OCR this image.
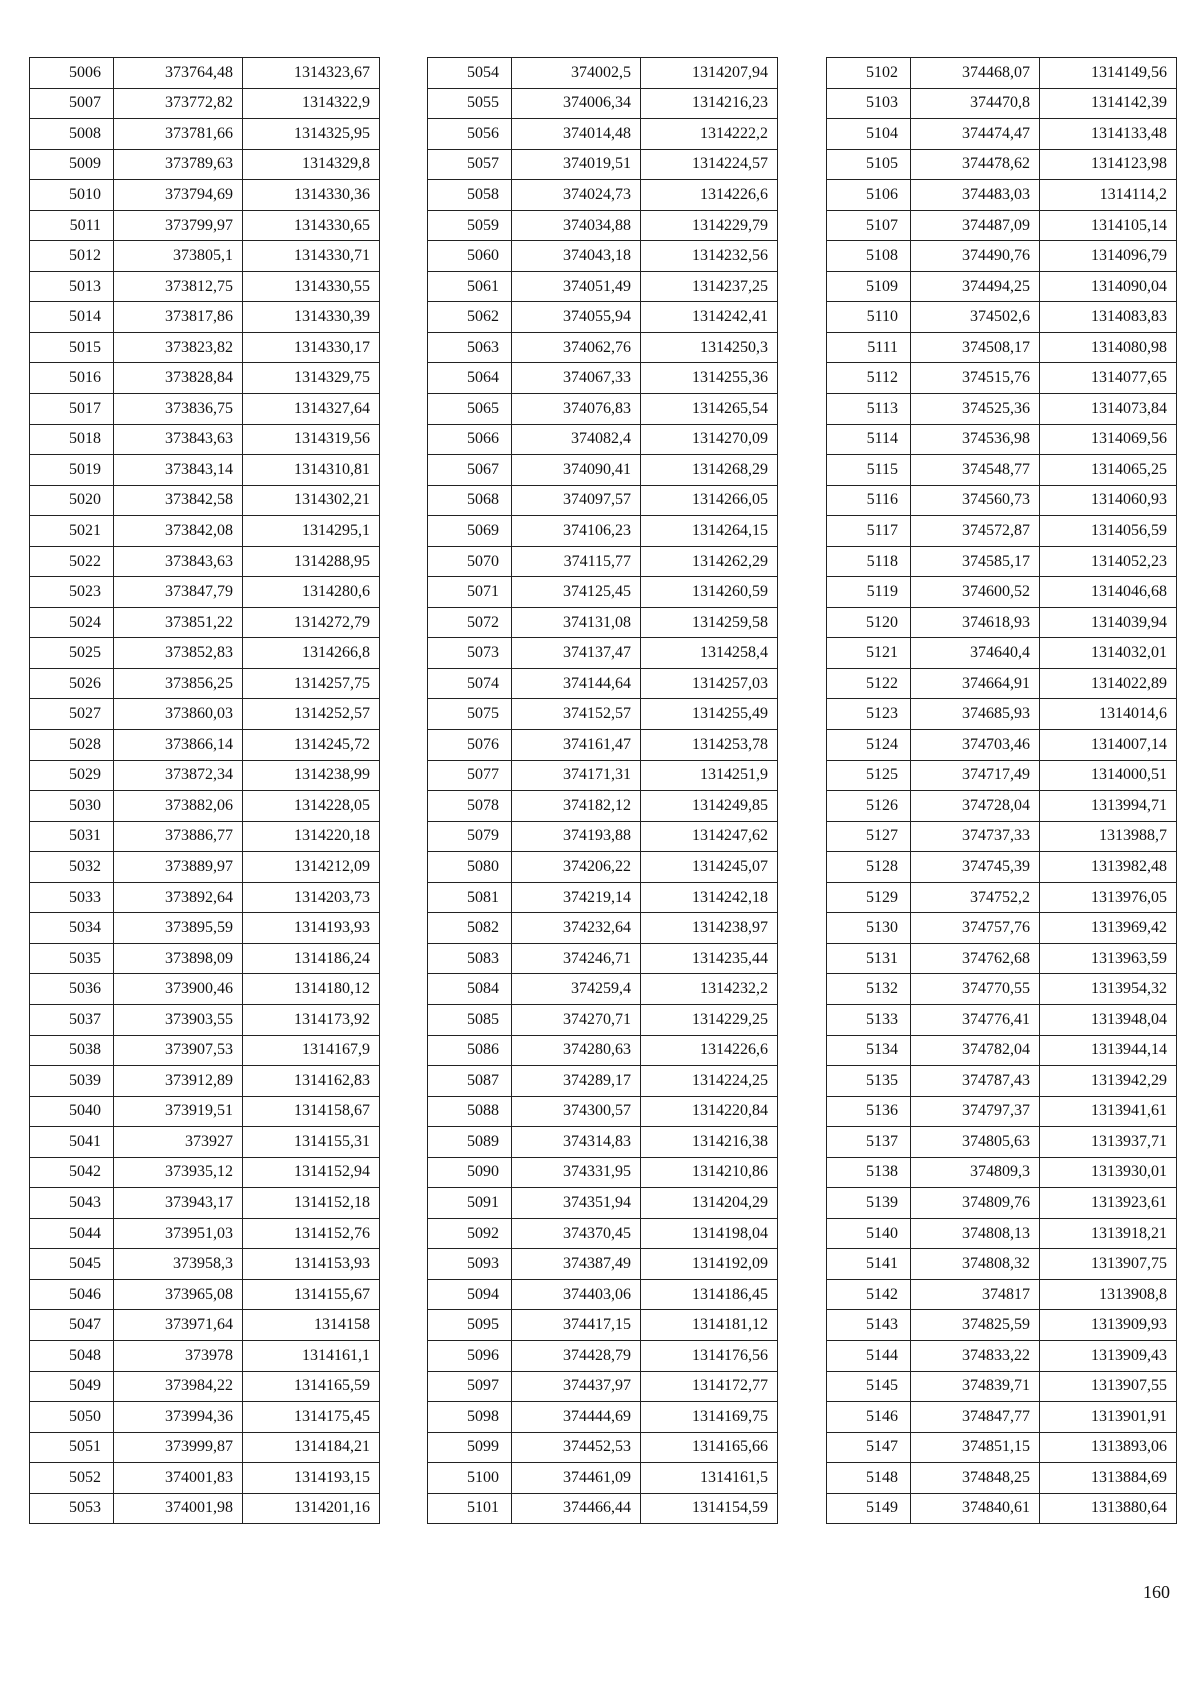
5006	373764,48	1314323,67
5007	373772,82	1314322,9
5008	373781,66	1314325,95
5009	373789,63	1314329,8
5010	373794,69	1314330,36
5011	373799,97	1314330,65
5012	373805,1	1314330,71
5013	373812,75	1314330,55
5014	373817,86	1314330,39
5015	373823,82	1314330,17
5016	373828,84	1314329,75
5017	373836,75	1314327,64
5018	373843,63	1314319,56
5019	373843,14	1314310,81
5020	373842,58	1314302,21
5021	373842,08	1314295,1
5022	373843,63	1314288,95
5023	373847,79	1314280,6
5024	373851,22	1314272,79
5025	373852,83	1314266,8
5026	373856,25	1314257,75
5027	373860,03	1314252,57
5028	373866,14	1314245,72
5029	373872,34	1314238,99
5030	373882,06	1314228,05
5031	373886,77	1314220,18
5032	373889,97	1314212,09
5033	373892,64	1314203,73
5034	373895,59	1314193,93
5035	373898,09	1314186,24
5036	373900,46	1314180,12
5037	373903,55	1314173,92
5038	373907,53	1314167,9
5039	373912,89	1314162,83
5040	373919,51	1314158,67
5041	373927	1314155,31
5042	373935,12	1314152,94
5043	373943,17	1314152,18
5044	373951,03	1314152,76
5045	373958,3	1314153,93
5046	373965,08	1314155,67
5047	373971,64	1314158
5048	373978	1314161,1
5049	373984,22	1314165,59
5050	373994,36	1314175,45
5051	373999,87	1314184,21
5052	374001,83	1314193,15
5053	374001,98	1314201,16
5054	374002,5	1314207,94
5055	374006,34	1314216,23
5056	374014,48	1314222,2
5057	374019,51	1314224,57
5058	374024,73	1314226,6
5059	374034,88	1314229,79
5060	374043,18	1314232,56
5061	374051,49	1314237,25
5062	374055,94	1314242,41
5063	374062,76	1314250,3
5064	374067,33	1314255,36
5065	374076,83	1314265,54
5066	374082,4	1314270,09
5067	374090,41	1314268,29
5068	374097,57	1314266,05
5069	374106,23	1314264,15
5070	374115,77	1314262,29
5071	374125,45	1314260,59
5072	374131,08	1314259,58
5073	374137,47	1314258,4
5074	374144,64	1314257,03
5075	374152,57	1314255,49
5076	374161,47	1314253,78
5077	374171,31	1314251,9
5078	374182,12	1314249,85
5079	374193,88	1314247,62
5080	374206,22	1314245,07
5081	374219,14	1314242,18
5082	374232,64	1314238,97
5083	374246,71	1314235,44
5084	374259,4	1314232,2
5085	374270,71	1314229,25
5086	374280,63	1314226,6
5087	374289,17	1314224,25
5088	374300,57	1314220,84
5089	374314,83	1314216,38
5090	374331,95	1314210,86
5091	374351,94	1314204,29
5092	374370,45	1314198,04
5093	374387,49	1314192,09
5094	374403,06	1314186,45
5095	374417,15	1314181,12
5096	374428,79	1314176,56
5097	374437,97	1314172,77
5098	374444,69	1314169,75
5099	374452,53	1314165,66
5100	374461,09	1314161,5
5101	374466,44	1314154,59
5102	374468,07	1314149,56
5103	374470,8	1314142,39
5104	374474,47	1314133,48
5105	374478,62	1314123,98
5106	374483,03	1314114,2
5107	374487,09	1314105,14
5108	374490,76	1314096,79
5109	374494,25	1314090,04
5110	374502,6	1314083,83
5111	374508,17	1314080,98
5112	374515,76	1314077,65
5113	374525,36	1314073,84
5114	374536,98	1314069,56
5115	374548,77	1314065,25
5116	374560,73	1314060,93
5117	374572,87	1314056,59
5118	374585,17	1314052,23
5119	374600,52	1314046,68
5120	374618,93	1314039,94
5121	374640,4	1314032,01
5122	374664,91	1314022,89
5123	374685,93	1314014,6
5124	374703,46	1314007,14
5125	374717,49	1314000,51
5126	374728,04	1313994,71
5127	374737,33	1313988,7
5128	374745,39	1313982,48
5129	374752,2	1313976,05
5130	374757,76	1313969,42
5131	374762,68	1313963,59
5132	374770,55	1313954,32
5133	374776,41	1313948,04
5134	374782,04	1313944,14
5135	374787,43	1313942,29
5136	374797,37	1313941,61
5137	374805,63	1313937,71
5138	374809,3	1313930,01
5139	374809,76	1313923,61
5140	374808,13	1313918,21
5141	374808,32	1313907,75
5142	374817	1313908,8
5143	374825,59	1313909,93
5144	374833,22	1313909,43
5145	374839,71	1313907,55
5146	374847,77	1313901,91
5147	374851,15	1313893,06
5148	374848,25	1313884,69
5149	374840,61	1313880,64
160
